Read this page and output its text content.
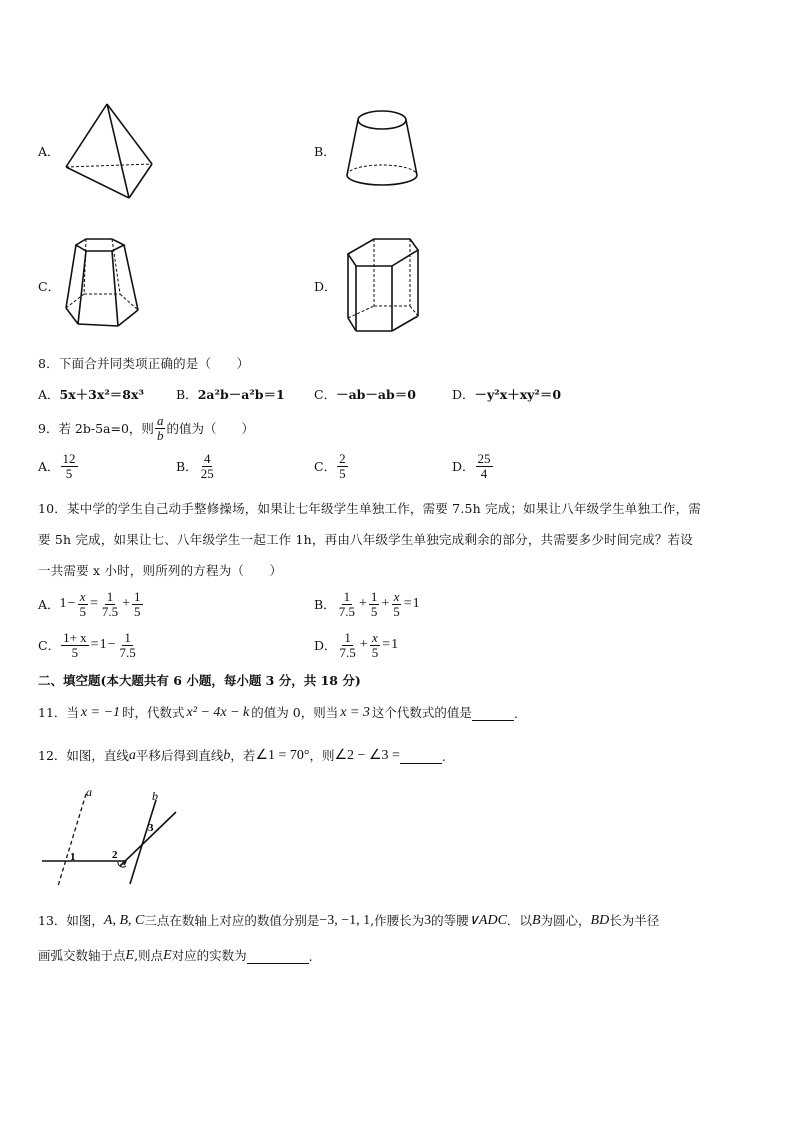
A．	B．
C．	D．
8．下面合并同类项正确的是（　　）
A．5x＋3x²＝8x³	B．2a²b－a²b＝1 C．－ab－ab＝0	D．－y²x＋xy²＝0
9．若 2b-5a=0，则 $\frac{a}{b}$ 的值为（　　）
A． $\frac{12}{5}$	B． $\frac{4}{25}$	C． $\frac{2}{5}$	D． $\frac{25}{4}$
10．某中学的学生自己动手整修操场，如果让七年级学生单独工作，需要 7.5h 完成；如果让八年级学生单独工作，需
要 5h 完成，如果让七、八年级学生一起工作 1h，再由八年级学生单独完成剩余的部分，共需要多少时间完成？若设
一共需要 x 小时，则所列的方程为（　　）
A． $1 - \frac{x}{5} = \frac{1}{7.5} + \frac{1}{5}$	B． $\frac{1}{7.5} + \frac{1}{5} + \frac{x}{5} = 1$
C． $\frac{1+ x}{5} = 1 - \frac{1}{7.5}$	D． $\frac{1}{7.5} + \frac{x}{5} = 1$
二、填空题(本大题共有 6 小题，每小题 3 分，共 18 分)
11．当 x = −1 时，代数式 x² − 4x − k 的值为 0，则当 x = 3 这个代数式的值是	.
12．如图，直线 a 平移后得到直线 b ，若 ∠1 = 70° ，则 ∠2 − ∠3 =	.
a	b
1	2
3
13．如图， A, B, C 三点在数轴上对应的数值分别是 −3, −1, 1 ,作腰长为 3 的等腰 ∨ADC ．以 B 为圆心， BD 长为半径
画弧交数轴于点 E ,则点 E 对应的实数为	.
